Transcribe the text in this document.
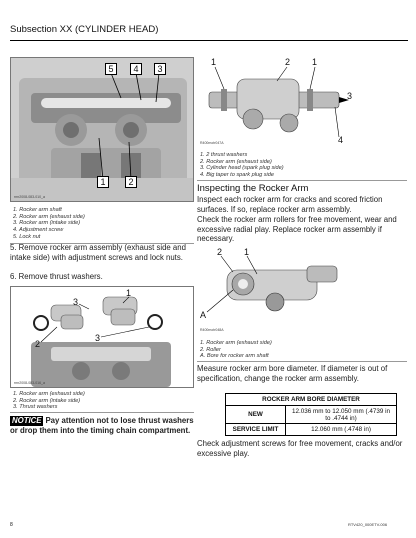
Subsection XX (CYLINDER HEAD)
5	4	3
1	2
rmr2008-083-010_a
1. Rocker arm shaft
2. Rocker arm (exhaust side)
3. Rocker arm (intake side)
4. Adjustment screw
5. Lock nut
5. Remove rocker arm assembly (exhaust side and intake side) with adjustment screws and lock nuts.
6. Remove thrust washers.
3
1
2
3
rmr2008-083-016_a
1. Rocker arm (exhaust side)
2. Rocker arm (intake side)
3. Thrust washers
NOTICE Pay attention not to lose thrust washers or drop them into the timing chain compartment.
1	2 1
3
4
R400motr047A
1. 2 thrust washers
2. Rocker arm (exhaust side)
3. Cylinder head (spark plug side)
4. Big taper to spark plug side
Inspecting the Rocker Arm
Inspect each rocker arm for cracks and scored friction surfaces. If so, replace rocker arm assembly.
Check the rocker arm rollers for free movement, wear and excessive radial play. Replace rocker arm assembly if necessary.
2 1
A
R400motr048A
1. Rocker arm (exhaust side)
2. Roller
A. Bore for rocker arm shaft
Measure rocker arm bore diameter. If diameter is out of specification, change the rocker arm assembly.
ROCKER ARM BORE DIAMETER	
NEW	12.036 mm to 12.050 mm (.4739 in to .4744 in)
SERVICE LIMIT	12.060 mm (.4748 in)
Check adjustment screws for free movement, cracks and/or excessive play.
8	RTV420_000ETV-006
